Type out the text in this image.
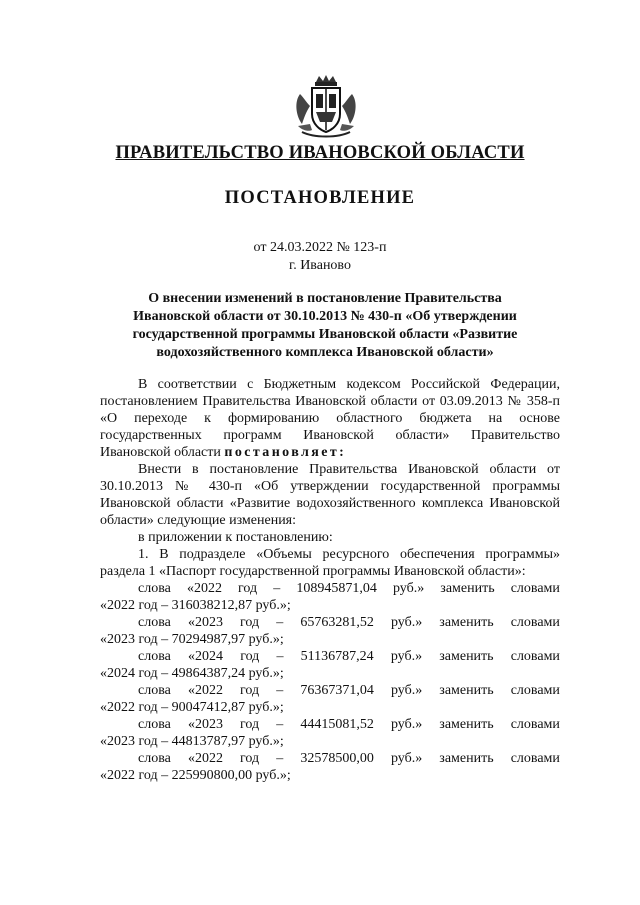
ПРАВИТЕЛЬСТВО ИВАНОВСКОЙ ОБЛАСТИ
ПОСТАНОВЛЕНИЕ
от 24.03.2022 № 123-п
г. Иваново
О внесении изменений в постановление Правительства
Ивановской области от 30.10.2013 № 430-п «Об утверждении
государственной программы Ивановской области «Развитие
водохозяйственного комплекса Ивановской области»

В соответствии с Бюджетным кодексом Российской Федерации, постановлением Правительства Ивановской области от 03.09.2013 № 358-п «О переходе к формированию областного бюджета на основе государственных программ Ивановской области» Правительство Ивановской области постановляет:

Внести в постановление Правительства Ивановской области от 30.10.2013 № 430-п «Об утверждении государственной программы Ивановской области «Развитие водохозяйственного комплекса Ивановской области» следующие изменения:

в приложении к постановлению:

1. В подразделе «Объемы ресурсного обеспечения программы» раздела 1 «Паспорт государственной программы Ивановской области»:

слова «2022 год – 108945871,04 руб.» заменить словами
«2022 год – 316038212,87 руб.»;
слова «2023 год – 65763281,52 руб.» заменить словами
«2023 год – 70294987,97 руб.»;
слова «2024 год – 51136787,24 руб.» заменить словами
«2024 год – 49864387,24 руб.»;
слова «2022 год – 76367371,04 руб.» заменить словами
«2022 год – 90047412,87 руб.»;
слова «2023 год – 44415081,52 руб.» заменить словами
«2023 год – 44813787,97 руб.»;
слова «2022 год – 32578500,00 руб.» заменить словами
«2022 год – 225990800,00 руб.»;
